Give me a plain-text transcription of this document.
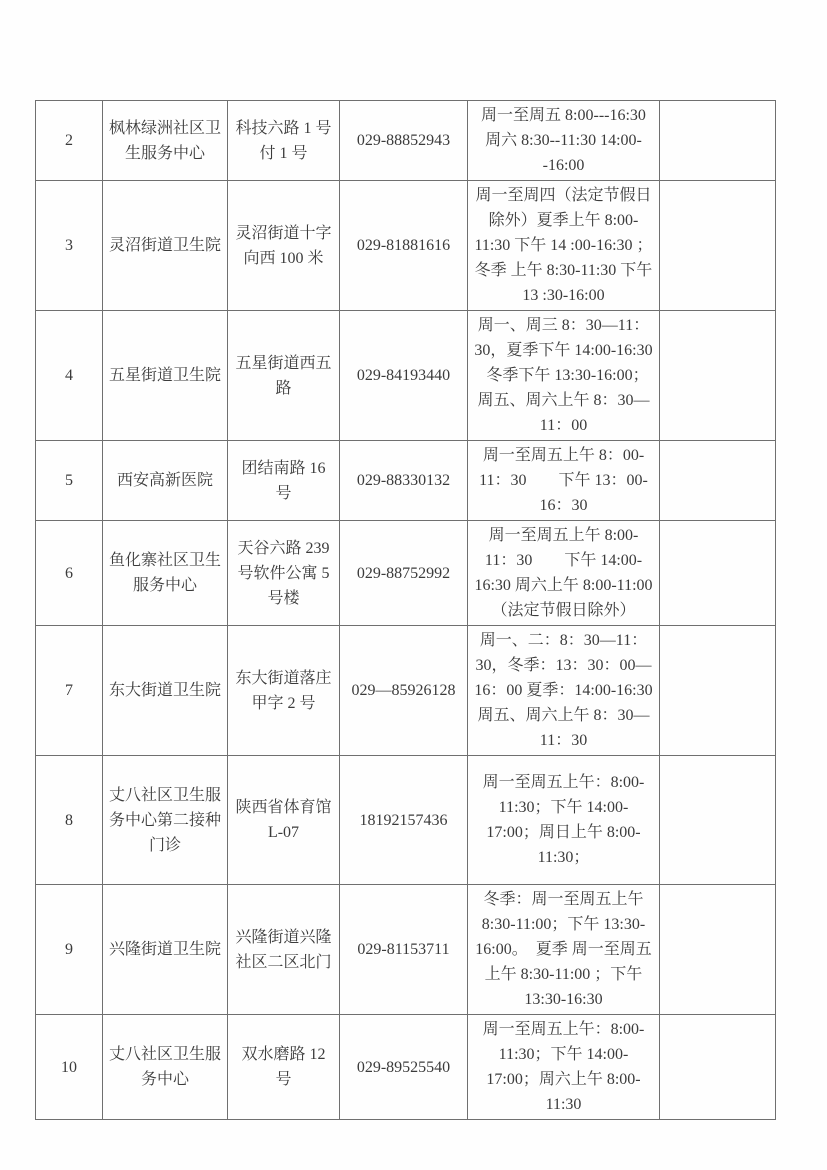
2	枫林绿洲社区卫生服务中心	科技六路 1 号付 1 号	029-88852943	周一至周五 8:00---16:30 周六 8:30--11:30 14:00--16:00	
3	灵沼街道卫生院	灵沼街道十字向西 100 米	029-81881616	周一至周四（法定节假日除外）夏季上午 8:00-11:30 下午 14 :00-16:30 ；冬季 上午 8:30-11:30 下午 13 :30-16:00	
4	五星街道卫生院	五星街道西五路	029-84193440	周一、周三 8：30—11：30，夏季下午 14:00-16:30 冬季下午 13:30-16:00；　周五、周六上午 8：30—11：00	
5	西安高新医院	团结南路 16 号	029-88330132	周一至周五上午 8：00-11：30　　下午 13：00-16：30	
6	鱼化寨社区卫生服务中心	天谷六路 239 号软件公寓 5 号楼	029-88752992	周一至周五上午 8:00-11：30　　下午 14:00-16:30 周六上午 8:00-11:00（法定节假日除外）	
7	东大街道卫生院	东大街道落庄甲字 2 号	029—85926128	周一、二：8：30—11：30，冬季：13：30：00—16：00 夏季：14:00-16:30 周五、周六上午 8：30—11：30	
8	丈八社区卫生服务中心第二接种门诊	陕西省体育馆 L-07	18192157436	周一至周五上午：8:00-11:30；下午 14:00-17:00；周日上午 8:00-11:30；	
9	兴隆街道卫生院	兴隆街道兴隆社区二区北门	029-81153711	冬季：周一至周五上午 8:30-11:00；下午 13:30-16:00。　夏季 周一至周五上午 8:30-11:00 ；下午 13:30-16:30	
10	丈八社区卫生服务中心	双水磨路 12 号	029-89525540	周一至周五上午：8:00-11:30；下午 14:00-17:00；周六上午 8:00-11:30	
